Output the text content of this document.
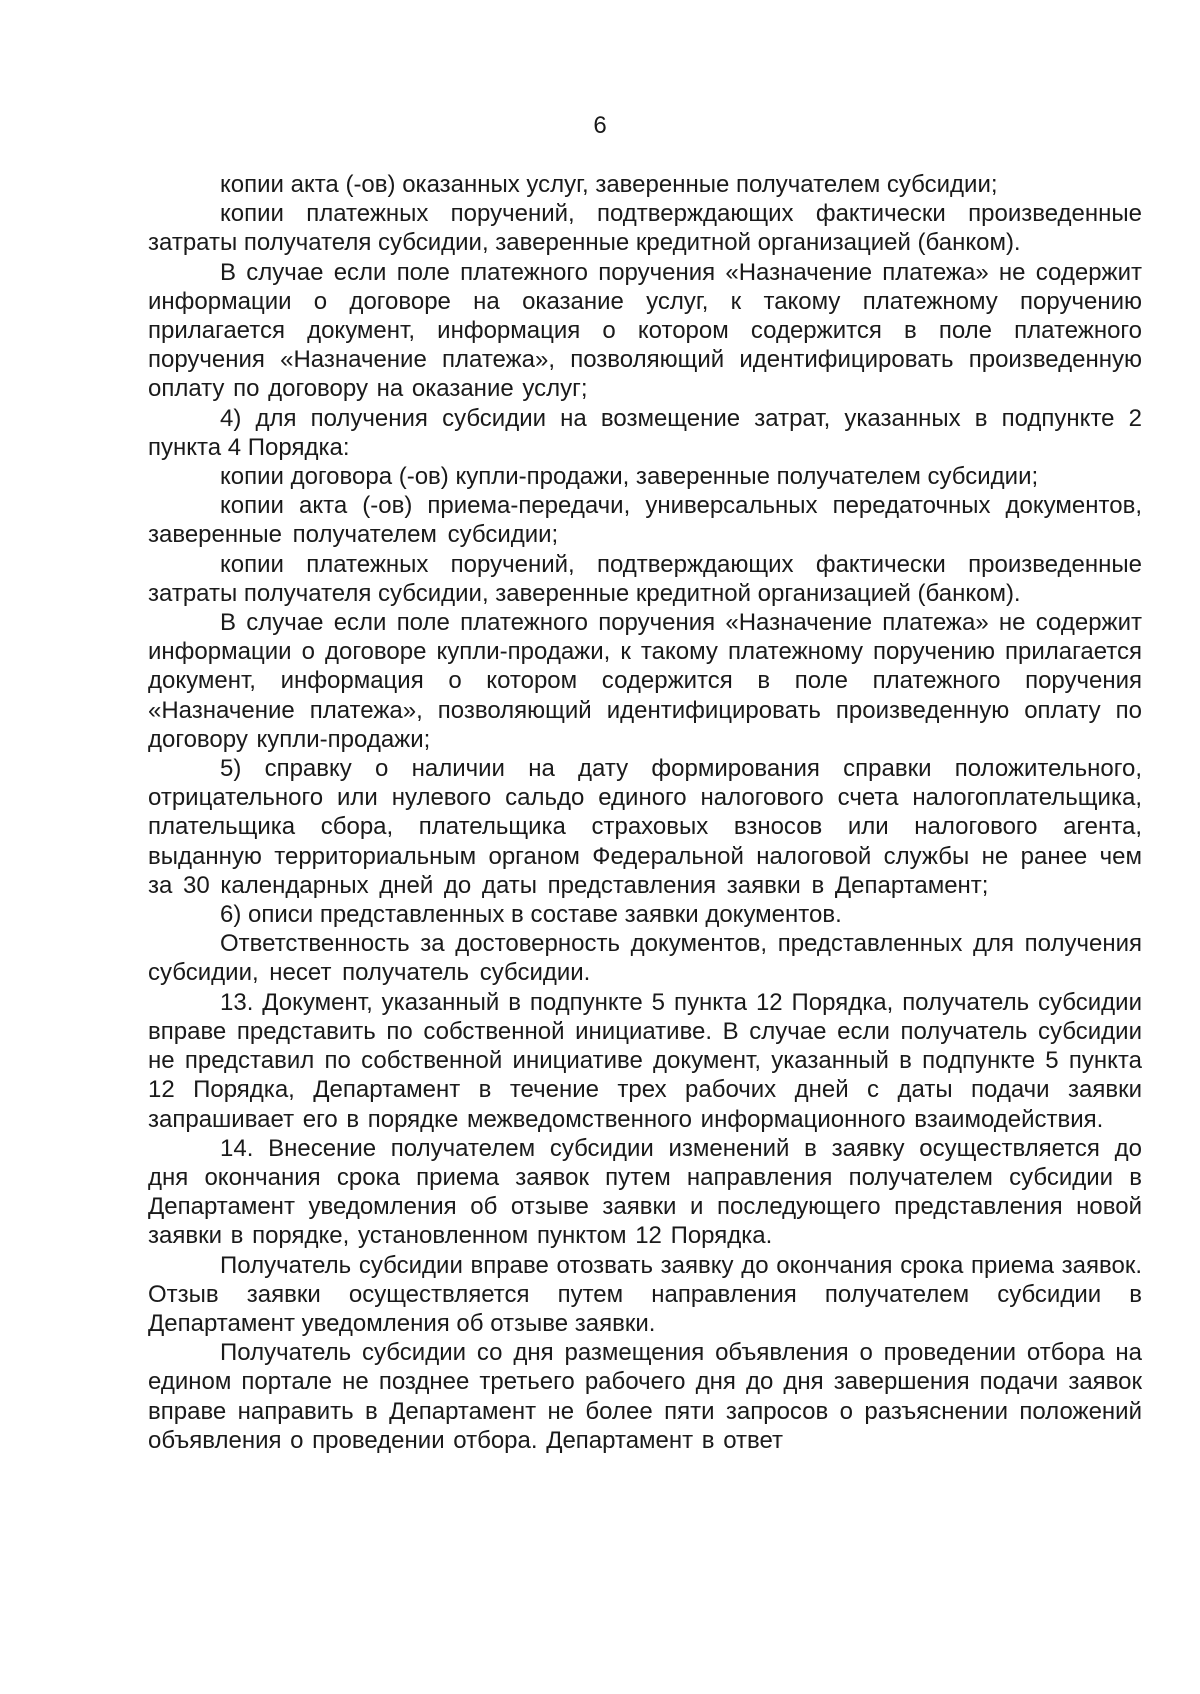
6

копии акта (-ов) оказанных услуг, заверенные получателем субсидии;

копии платежных поручений, подтверждающих фактически произведенные затраты получателя субсидии, заверенные кредитной организацией (банком).

В случае если поле платежного поручения «Назначение платежа» не содержит информации о договоре на оказание услуг, к такому платежному поручению прилагается документ, информация о котором содержится в поле платежного поручения «Назначение платежа», позволяющий идентифицировать произведенную оплату по договору на оказание услуг;

4) для получения субсидии на возмещение затрат, указанных в подпункте 2 пункта 4 Порядка:

копии договора (-ов) купли-продажи, заверенные получателем субсидии;

копии акта (-ов) приема-передачи, универсальных передаточных документов, заверенные получателем субсидии;

копии платежных поручений, подтверждающих фактически произведенные затраты получателя субсидии, заверенные кредитной организацией (банком).

В случае если поле платежного поручения «Назначение платежа» не содержит информации о договоре купли-продажи, к такому платежному поручению прилагается документ, информация о котором содержится в поле платежного поручения «Назначение платежа», позволяющий идентифицировать произведенную оплату по договору купли-продажи;

5) справку о наличии на дату формирования справки положительного, отрицательного или нулевого сальдо единого налогового счета налогоплательщика, плательщика сбора, плательщика страховых взносов или налогового агента, выданную территориальным органом Федеральной налоговой службы не ранее чем за 30 календарных дней до даты представления заявки в Департамент;

6) описи представленных в составе заявки документов.

Ответственность за достоверность документов, представленных для получения субсидии, несет получатель субсидии.

13. Документ, указанный в подпункте 5 пункта 12 Порядка, получатель субсидии вправе представить по собственной инициативе. В случае если получатель субсидии не представил по собственной инициативе документ, указанный в подпункте 5 пункта 12 Порядка, Департамент в течение трех рабочих дней с даты подачи заявки запрашивает его в порядке межведомственного информационного взаимодействия.

14. Внесение получателем субсидии изменений в заявку осуществляется до дня окончания срока приема заявок путем направления получателем субсидии в Департамент уведомления об отзыве заявки и последующего представления новой заявки в порядке, установленном пунктом 12 Порядка.

Получатель субсидии вправе отозвать заявку до окончания срока приема заявок. Отзыв заявки осуществляется путем направления получателем субсидии в Департамент уведомления об отзыве заявки.

Получатель субсидии со дня размещения объявления о проведении отбора на едином портале не позднее третьего рабочего дня до дня завершения подачи заявок вправе направить в Департамент не более пяти запросов о разъяснении положений объявления о проведении отбора. Департамент в ответ
